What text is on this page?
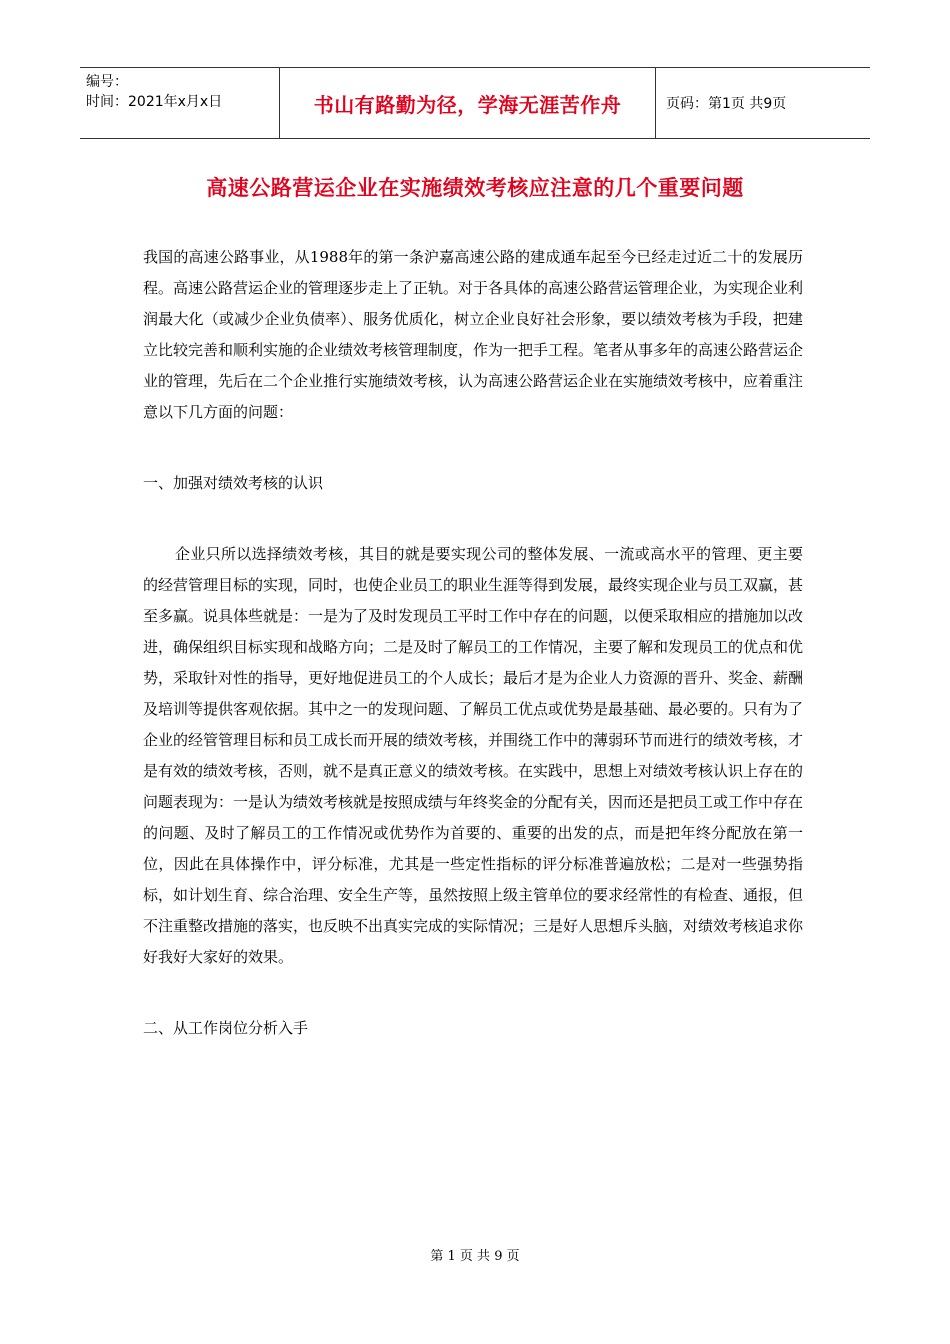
编号：
时间：2021年x月x日	书山有路勤为径，学海无涯苦作舟	页码：第1页 共9页
高速公路营运企业在实施绩效考核应注意的几个重要问题

我国的高速公路事业，从1988年的第一条沪嘉高速公路的建成通车起至今已经走过近二十的发展历程。高速公路营运企业的管理逐步走上了正轨。对于各具体的高速公路营运管理企业，为实现企业利润最大化（或减少企业负债率）、服务优质化，树立企业良好社会形象，要以绩效考核为手段，把建立比较完善和顺利实施的企业绩效考核管理制度，作为一把手工程。笔者从事多年的高速公路营运企业的管理，先后在二个企业推行实施绩效考核，认为高速公路营运企业在实施绩效考核中，应着重注意以下几方面的问题：

一、加强对绩效考核的认识

企业只所以选择绩效考核，其目的就是要实现公司的整体发展、一流或高水平的管理、更主要的经营管理目标的实现，同时，也使企业员工的职业生涯等得到发展，最终实现企业与员工双赢，甚至多赢。说具体些就是：一是为了及时发现员工平时工作中存在的问题，以便采取相应的措施加以改进，确保组织目标实现和战略方向；二是及时了解员工的工作情况，主要了解和发现员工的优点和优势，采取针对性的指导，更好地促进员工的个人成长；最后才是为企业人力资源的晋升、奖金、薪酬及培训等提供客观依据。其中之一的发现问题、了解员工优点或优势是最基础、最必要的。只有为了企业的经管管理目标和员工成长而开展的绩效考核，并围绕工作中的薄弱环节而进行的绩效考核，才是有效的绩效考核，否则，就不是真正意义的绩效考核。在实践中，思想上对绩效考核认识上存在的问题表现为：一是认为绩效考核就是按照成绩与年终奖金的分配有关，因而还是把员工或工作中存在的问题、及时了解员工的工作情况或优势作为首要的、重要的出发的点，而是把年终分配放在第一位，因此在具体操作中，评分标准，尤其是一些定性指标的评分标准普遍放松；二是对一些强势指标，如计划生育、综合治理、安全生产等，虽然按照上级主管单位的要求经常性的有检查、通报，但不注重整改措施的落实，也反映不出真实完成的实际情况；三是好人思想斥头脑，对绩效考核追求你好我好大家好的效果。

二、从工作岗位分析入手

第 1 页 共 9 页
